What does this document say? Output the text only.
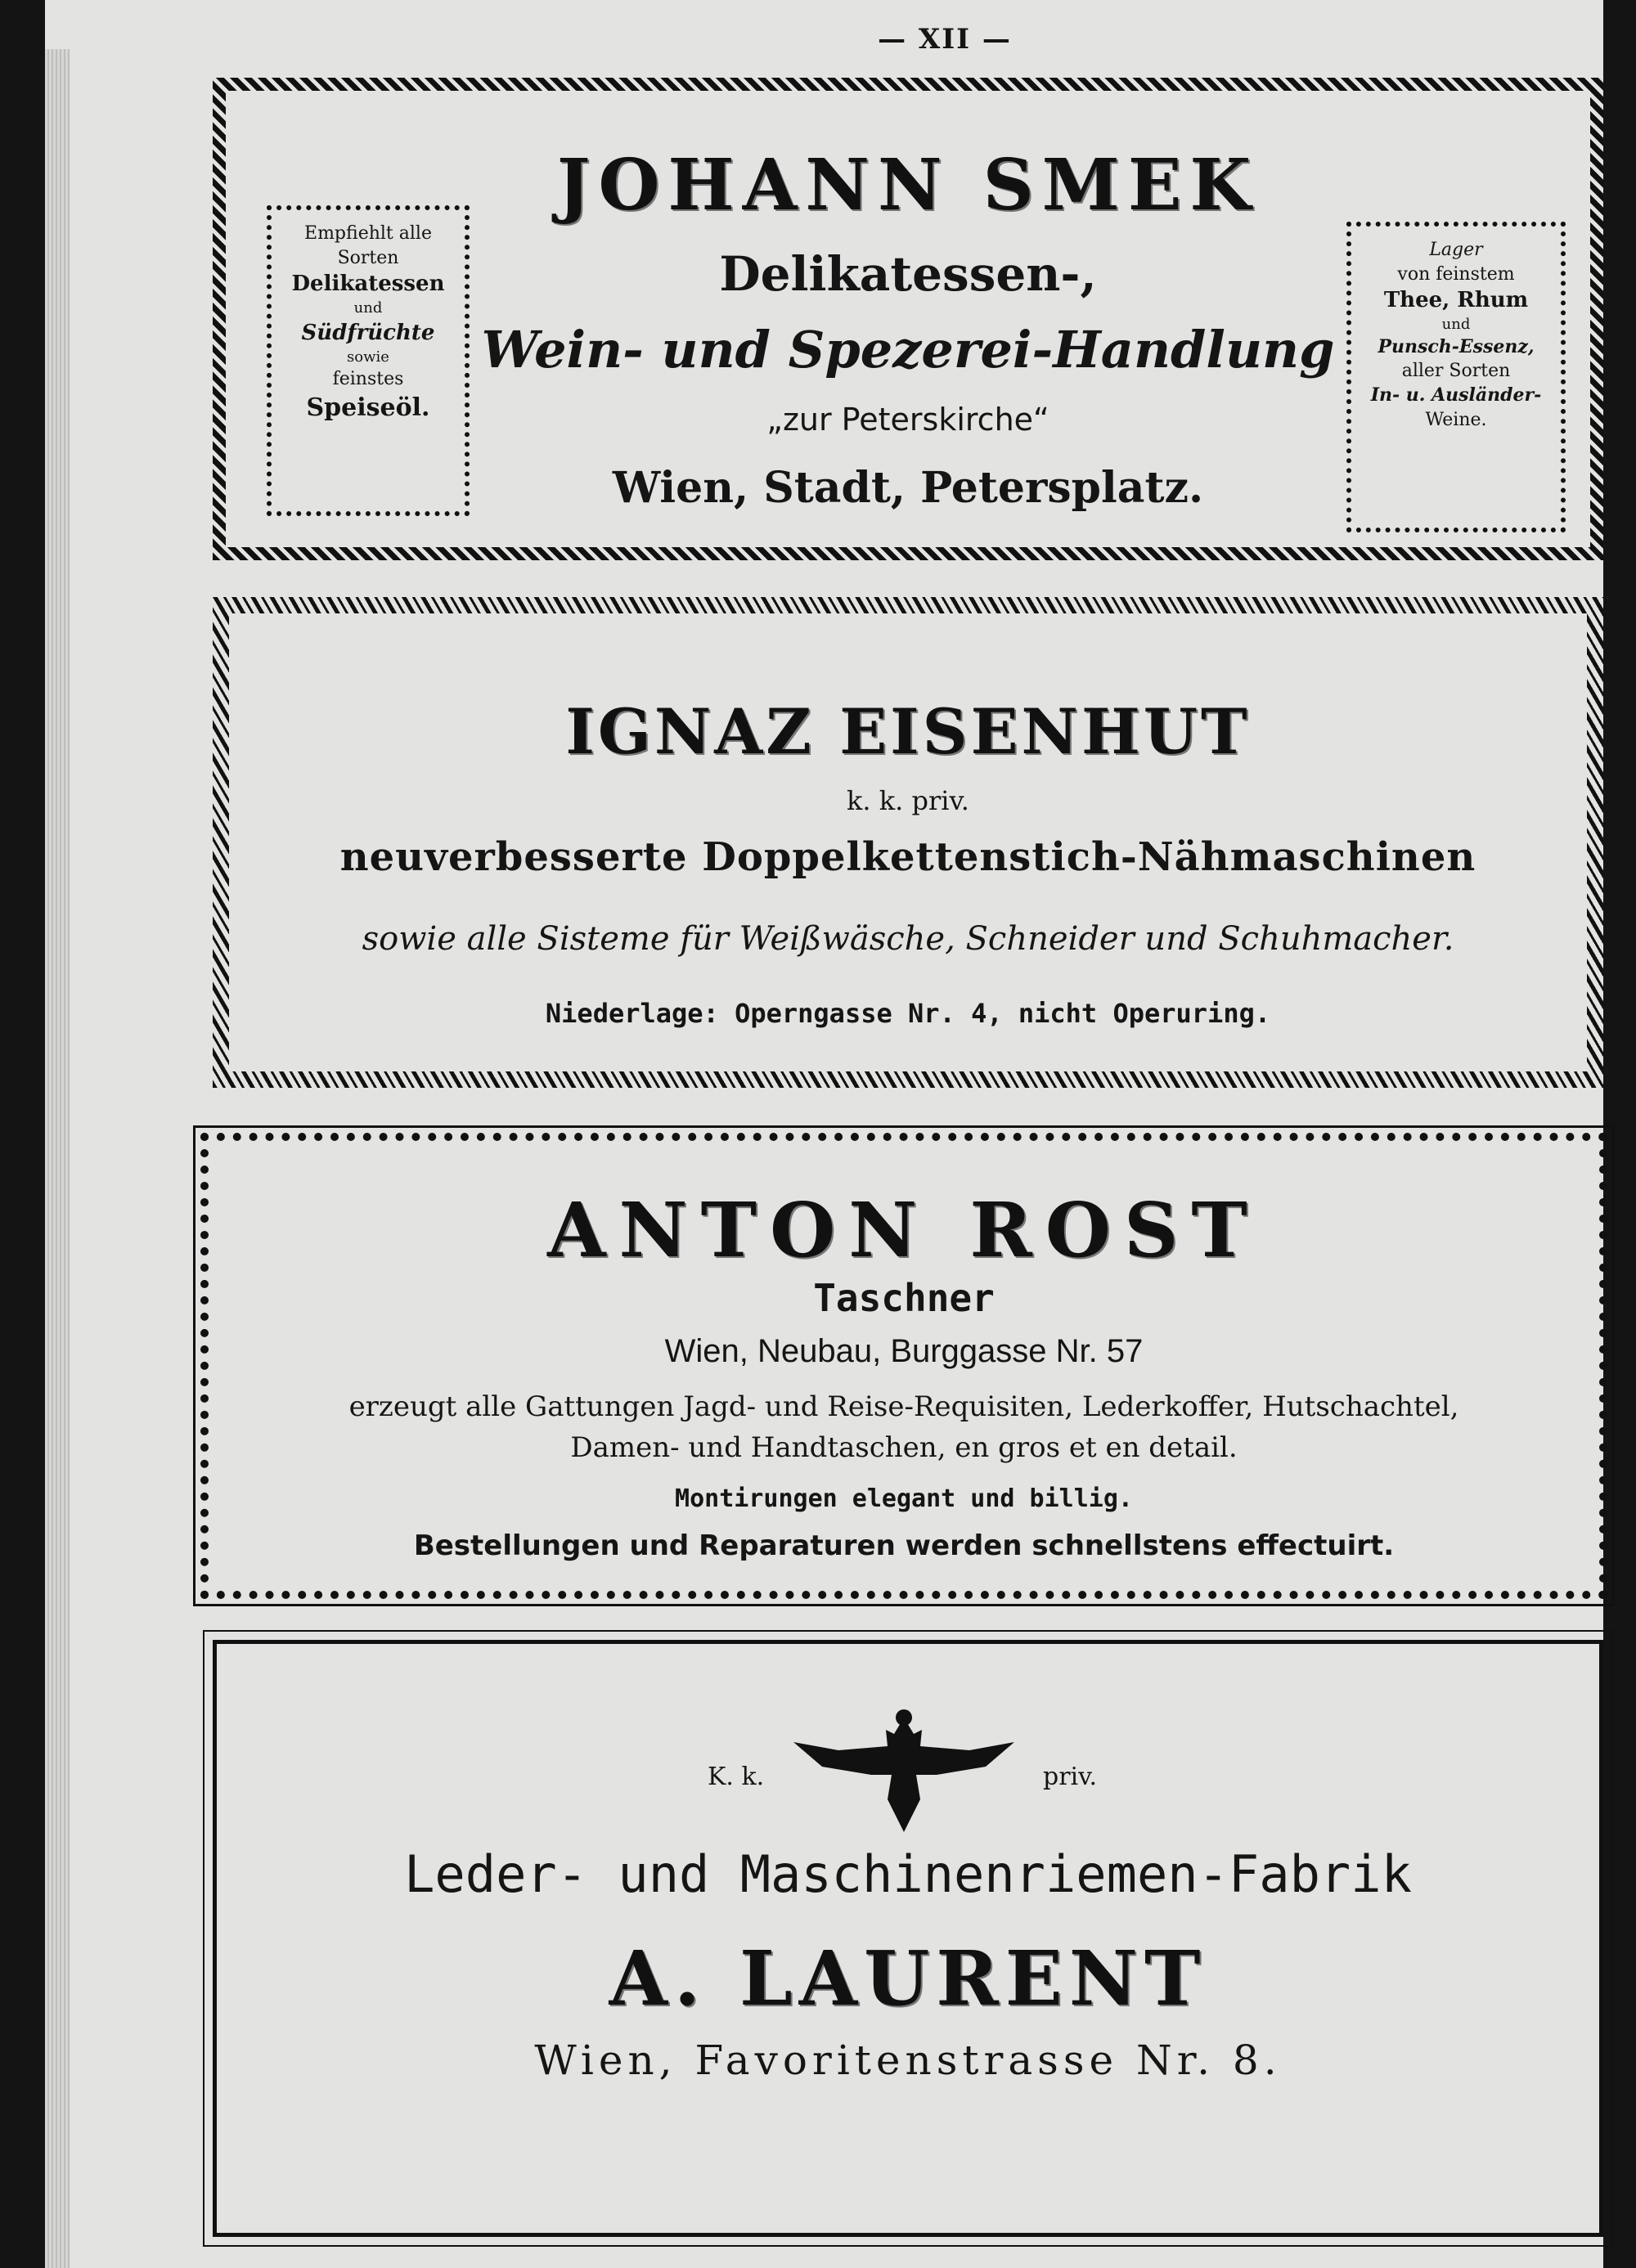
— XII —
JOHANN SMEK
Delikatessen-,
Wein- und Spezerei-Handlung
„zur Peterskirche“
Wien, Stadt, Petersplatz.
Empfiehlt alle
Sorten
Delikatessen
und
Südfrüchte
sowie
feinstes
Speiseöl.
Lager
von feinstem
Thee, Rhum
und
Punsch-Essenz,
aller Sorten
In- u. Ausländer-
Weine.
IGNAZ EISENHUT
k. k. priv.
neuverbesserte Doppelkettenstich-Nähmaschinen
sowie alle Sisteme für Weißwäsche, Schneider und Schuhmacher.
Niederlage: Operngasse Nr. 4, nicht Operuring.
ANTON ROST
Taschner
Wien, Neubau, Burggasse Nr. 57
erzeugt alle Gattungen Jagd- und Reise-Requisiten, Lederkoffer, Hutschachtel,
Damen- und Handtaschen, en gros et en detail.
Montirungen elegant und billig.
Bestellungen und Reparaturen werden schnellstens effectuirt.
K. k.	priv.
Leder- und Maschinenriemen-Fabrik
A. LAURENT
Wien, Favoritenstrasse Nr. 8.
